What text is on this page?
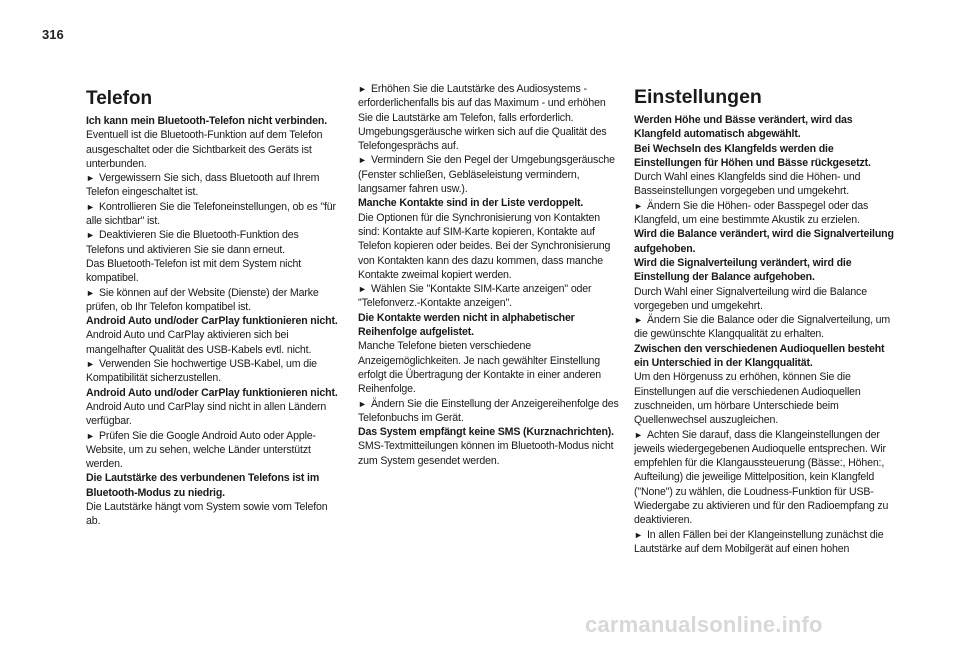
316
Telefon
Ich kann mein Bluetooth-Telefon nicht verbinden.
Eventuell ist die Bluetooth-Funktion auf dem Telefon ausgeschaltet oder die Sichtbarkeit des Geräts ist unterbunden.
► Vergewissern Sie sich, dass Bluetooth auf Ihrem Telefon eingeschaltet ist.
► Kontrollieren Sie die Telefoneinstellungen, ob es "für alle sichtbar" ist.
► Deaktivieren Sie die Bluetooth-Funktion des Telefons und aktivieren Sie sie dann erneut.
Das Bluetooth-Telefon ist mit dem System nicht kompatibel.
► Sie können auf der Website (Dienste) der Marke prüfen, ob Ihr Telefon kompatibel ist.
Android Auto und/oder CarPlay funktionieren nicht.
Android Auto und CarPlay aktivieren sich bei mangelhafter Qualität des USB-Kabels evtl. nicht.
► Verwenden Sie hochwertige USB-Kabel, um die Kompatibilität sicherzustellen.
Android Auto und/oder CarPlay funktionieren nicht.
Android Auto und CarPlay sind nicht in allen Ländern verfügbar.
► Prüfen Sie die Google Android Auto oder Apple-Website, um zu sehen, welche Länder unterstützt werden.
Die Lautstärke des verbundenen Telefons ist im Bluetooth-Modus zu niedrig.
Die Lautstärke hängt vom System sowie vom Telefon ab.
► Erhöhen Sie die Lautstärke des Audiosystems - erforderlichenfalls bis auf das Maximum - und erhöhen Sie die Lautstärke am Telefon, falls erforderlich.
Umgebungsgeräusche wirken sich auf die Qualität des Telefongesprächs auf.
► Vermindern Sie den Pegel der Umgebungsgeräusche (Fenster schließen, Gebläseleistung vermindern, langsamer fahren usw.).
Manche Kontakte sind in der Liste verdoppelt.
Die Optionen für die Synchronisierung von Kontakten sind: Kontakte auf SIM-Karte kopieren, Kontakte auf Telefon kopieren oder beides. Bei der Synchronisierung von Kontakten kann des dazu kommen, dass manche Kontakte zweimal kopiert werden.
► Wählen Sie "Kontakte SIM-Karte anzeigen" oder "Telefonverz.-Kontakte anzeigen".
Die Kontakte werden nicht in alphabetischer Reihenfolge aufgelistet.
Manche Telefone bieten verschiedene Anzeigemöglichkeiten. Je nach gewählter Einstellung erfolgt die Übertragung der Kontakte in einer anderen Reihenfolge.
► Ändern Sie die Einstellung der Anzeigereihenfolge des Telefonbuchs im Gerät.
Das System empfängt keine SMS (Kurznachrichten).
SMS-Textmitteilungen können im Bluetooth-Modus nicht zum System gesendet werden.
Einstellungen
Werden Höhe und Bässe verändert, wird das Klangfeld automatisch abgewählt.
Bei Wechseln des Klangfelds werden die Einstellungen für Höhen und Bässe rückgesetzt.
Durch Wahl eines Klangfelds sind die Höhen- und Basseinstellungen vorgegeben und umgekehrt.
► Ändern Sie die Höhen- oder Basspegel oder das Klangfeld, um eine bestimmte Akustik zu erzielen.
Wird die Balance verändert, wird die Signalverteilung aufgehoben.
Wird die Signalverteilung verändert, wird die Einstellung der Balance aufgehoben.
Durch Wahl einer Signalverteilung wird die Balance vorgegeben und umgekehrt.
► Ändern Sie die Balance oder die Signalverteilung, um die gewünschte Klangqualität zu erhalten.
Zwischen den verschiedenen Audioquellen besteht ein Unterschied in der Klangqualität.
Um den Hörgenuss zu erhöhen, können Sie die Einstellungen auf die verschiedenen Audioquellen zuschneiden, um hörbare Unterschiede beim Quellenwechsel auszugleichen.
► Achten Sie darauf, dass die Klangeinstellungen der jeweils wiedergegebenen Audioquelle entsprechen. Wir empfehlen für die Klangaussteuerung (Bässe:, Höhen:, Aufteilung) die jeweilige Mittelposition, kein Klangfeld ("None") zu wählen, die Loudness-Funktion für USB-Wiedergabe zu aktivieren und für den Radioempfang zu deaktivieren.
► In allen Fällen bei der Klangeinstellung zunächst die Lautstärke auf dem Mobilgerät auf einen hohen
carmanualsonline.info
